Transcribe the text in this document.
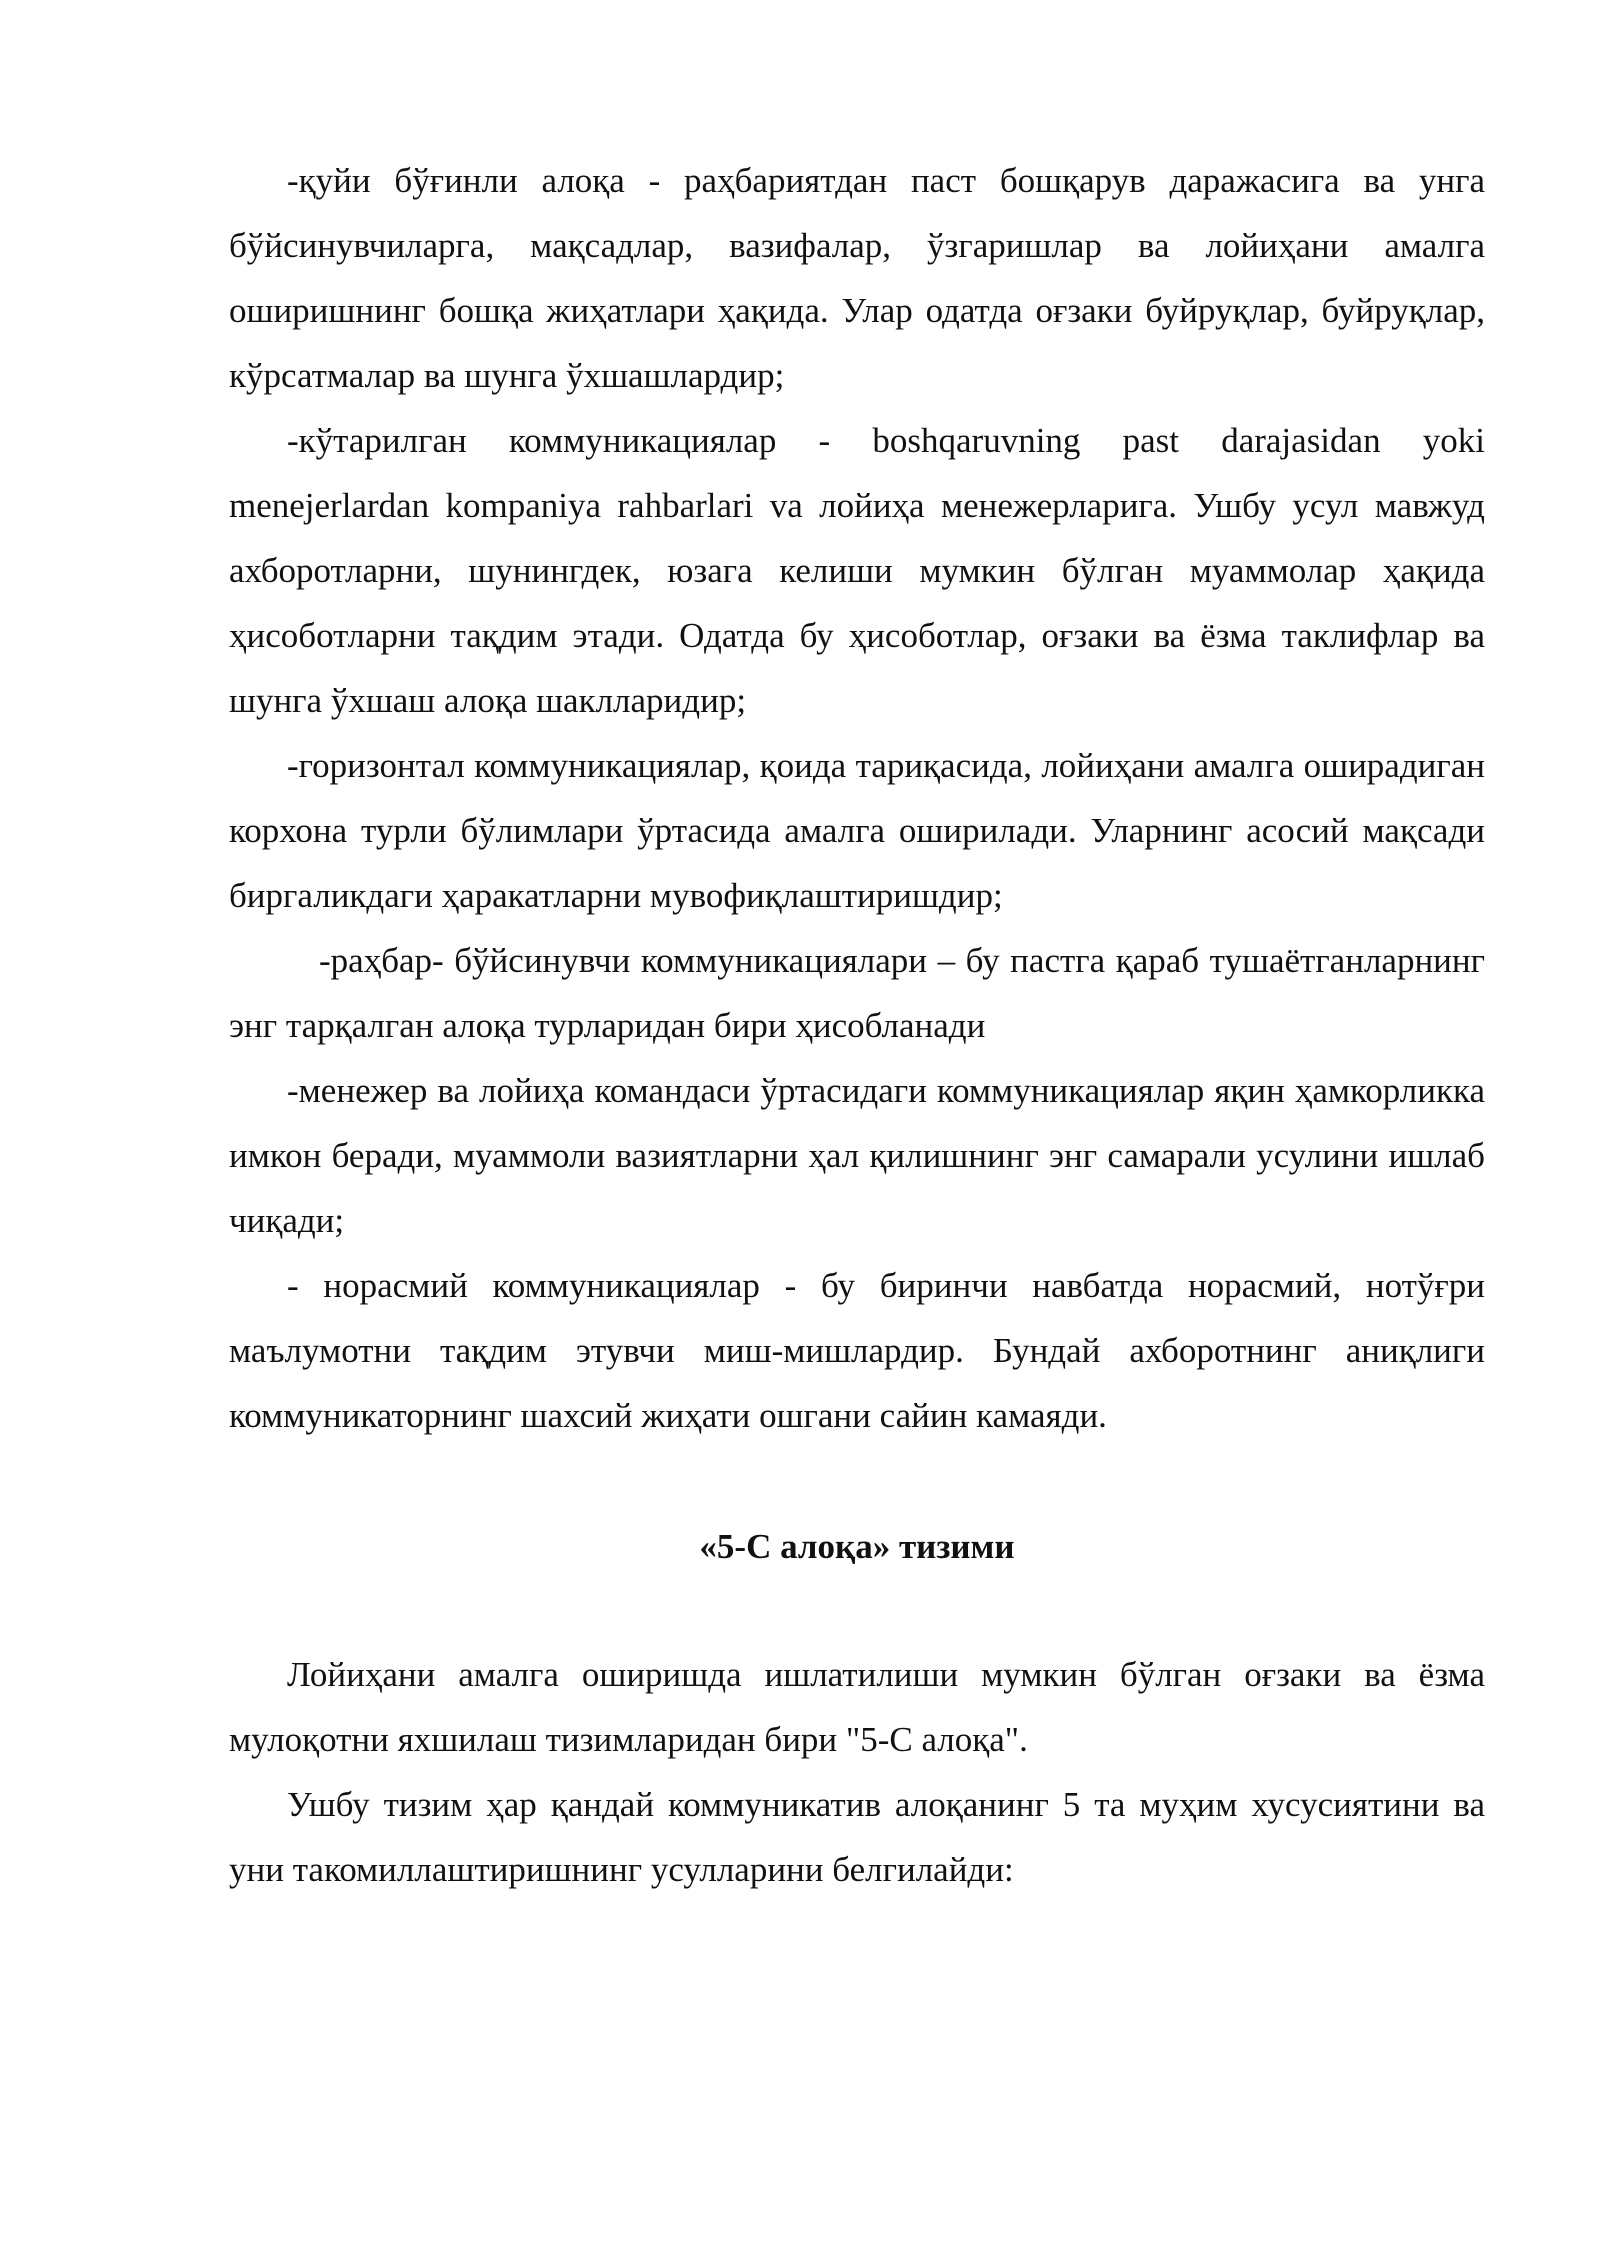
-қуйи бўғинли алоқа - раҳбариятдан паст бошқарув даражасига ва унга бўйсинувчиларга, мақсадлар, вазифалар, ўзгаришлар ва лойиҳани амалга оширишнинг бошқа жиҳатлари ҳақида. Улар одатда оғзаки буйруқлар, буйруқлар, кўрсатмалар ва шунга ўхшашлардир;

-кўтарилган коммуникациялар - boshqaruvning past darajasidan yoki menejerlardan kompaniya rahbarlari va лойиҳа менежерларига. Ушбу усул мавжуд ахборотларни, шунингдек, юзага келиши мумкин бўлган муаммолар ҳақида ҳисоботларни тақдим этади. Одатда бу ҳисоботлар, оғзаки ва ёзма таклифлар ва шунга ўхшаш алоқа шаклларидир;

-горизонтал коммуникациялар, қоида тариқасида, лойиҳани амалга оширадиган корхона турли бўлимлари ўртасида амалга оширилади. Уларнинг асосий мақсади биргаликдаги ҳаракатларни мувофиқлаштиришдир;

-раҳбар- бўйсинувчи коммуникациялари – бу пастга қараб тушаётганларнинг энг тарқалган алоқа турларидан бири ҳисобланади

-менежер ва лойиҳа командаси ўртасидаги коммуникациялар яқин ҳамкорликка имкон беради, муаммоли вазиятларни ҳал қилишнинг энг самарали усулини ишлаб чиқади;

- норасмий коммуникациялар - бу биринчи навбатда норасмий, нотўғри маълумотни тақдим этувчи миш-мишлардир. Бундай ахборотнинг аниқлиги коммуникаторнинг шахсий жиҳати ошгани сайин камаяди.

«5-С алоқа» тизими

Лойиҳани амалга оширишда ишлатилиши мумкин бўлган оғзаки ва ёзма мулоқотни яхшилаш тизимларидан бири "5-С алоқа".

Ушбу тизим ҳар қандай коммуникатив алоқанинг 5 та муҳим хусусиятини ва уни такомиллаштиришнинг усулларини белгилайди:
